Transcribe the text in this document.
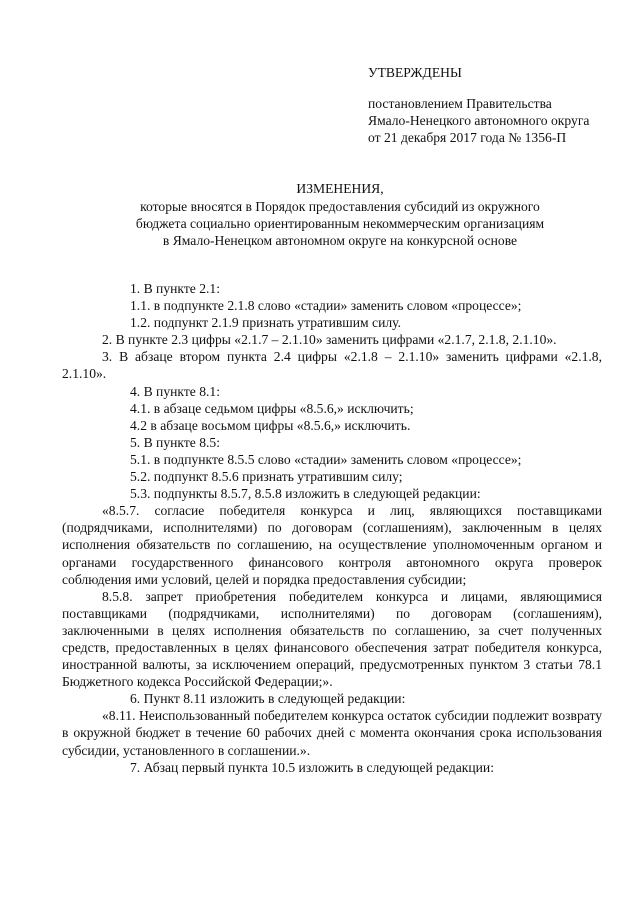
УТВЕРЖДЕНЫ
постановлением Правительства
Ямало-Ненецкого автономного округа
от 21 декабря 2017 года № 1356-П
ИЗМЕНЕНИЯ,
которые вносятся в Порядок предоставления субсидий из окружного
бюджета социально ориентированным некоммерческим организациям
в Ямало-Ненецком автономном округе на конкурсной основе

1. В пункте 2.1:

1.1. в подпункте 2.1.8 слово «стадии» заменить словом «процессе»;

1.2. подпункт 2.1.9 признать утратившим силу.

2. В пункте 2.3 цифры «2.1.7 – 2.1.10» заменить цифрами «2.1.7, 2.1.8, 2.1.10».

3. В абзаце втором пункта 2.4 цифры «2.1.8 – 2.1.10» заменить цифрами «2.1.8, 2.1.10».

4. В пункте 8.1:

4.1. в абзаце седьмом цифры «8.5.6,» исключить;

4.2 в абзаце восьмом цифры «8.5.6,» исключить.

5. В пункте 8.5:

5.1. в подпункте 8.5.5 слово «стадии» заменить словом «процессе»;

5.2. подпункт 8.5.6 признать утратившим силу;

5.3. подпункты 8.5.7, 8.5.8 изложить в следующей редакции:

«8.5.7. согласие победителя конкурса и лиц, являющихся поставщиками (подрядчиками, исполнителями) по договорам (соглашениям), заключенным в целях исполнения обязательств по соглашению, на осуществление уполномоченным органом и органами государственного финансового контроля автономного округа проверок соблюдения ими условий, целей и порядка предоставления субсидии;

8.5.8. запрет приобретения победителем конкурса и лицами, являющимися поставщиками (подрядчиками, исполнителями) по договорам (соглашениям), заключенными в целях исполнения обязательств по соглашению, за счет полученных средств, предоставленных в целях финансового обеспечения затрат победителя конкурса, иностранной валюты, за исключением операций, предусмотренных пунктом 3 статьи 78.1 Бюджетного кодекса Российской Федерации;».

6. Пункт 8.11 изложить в следующей редакции:

«8.11. Неиспользованный победителем конкурса остаток субсидии подлежит возврату в окружной бюджет в течение 60 рабочих дней с момента окончания срока использования субсидии, установленного в соглашении.».

7. Абзац первый пункта 10.5 изложить в следующей редакции:
